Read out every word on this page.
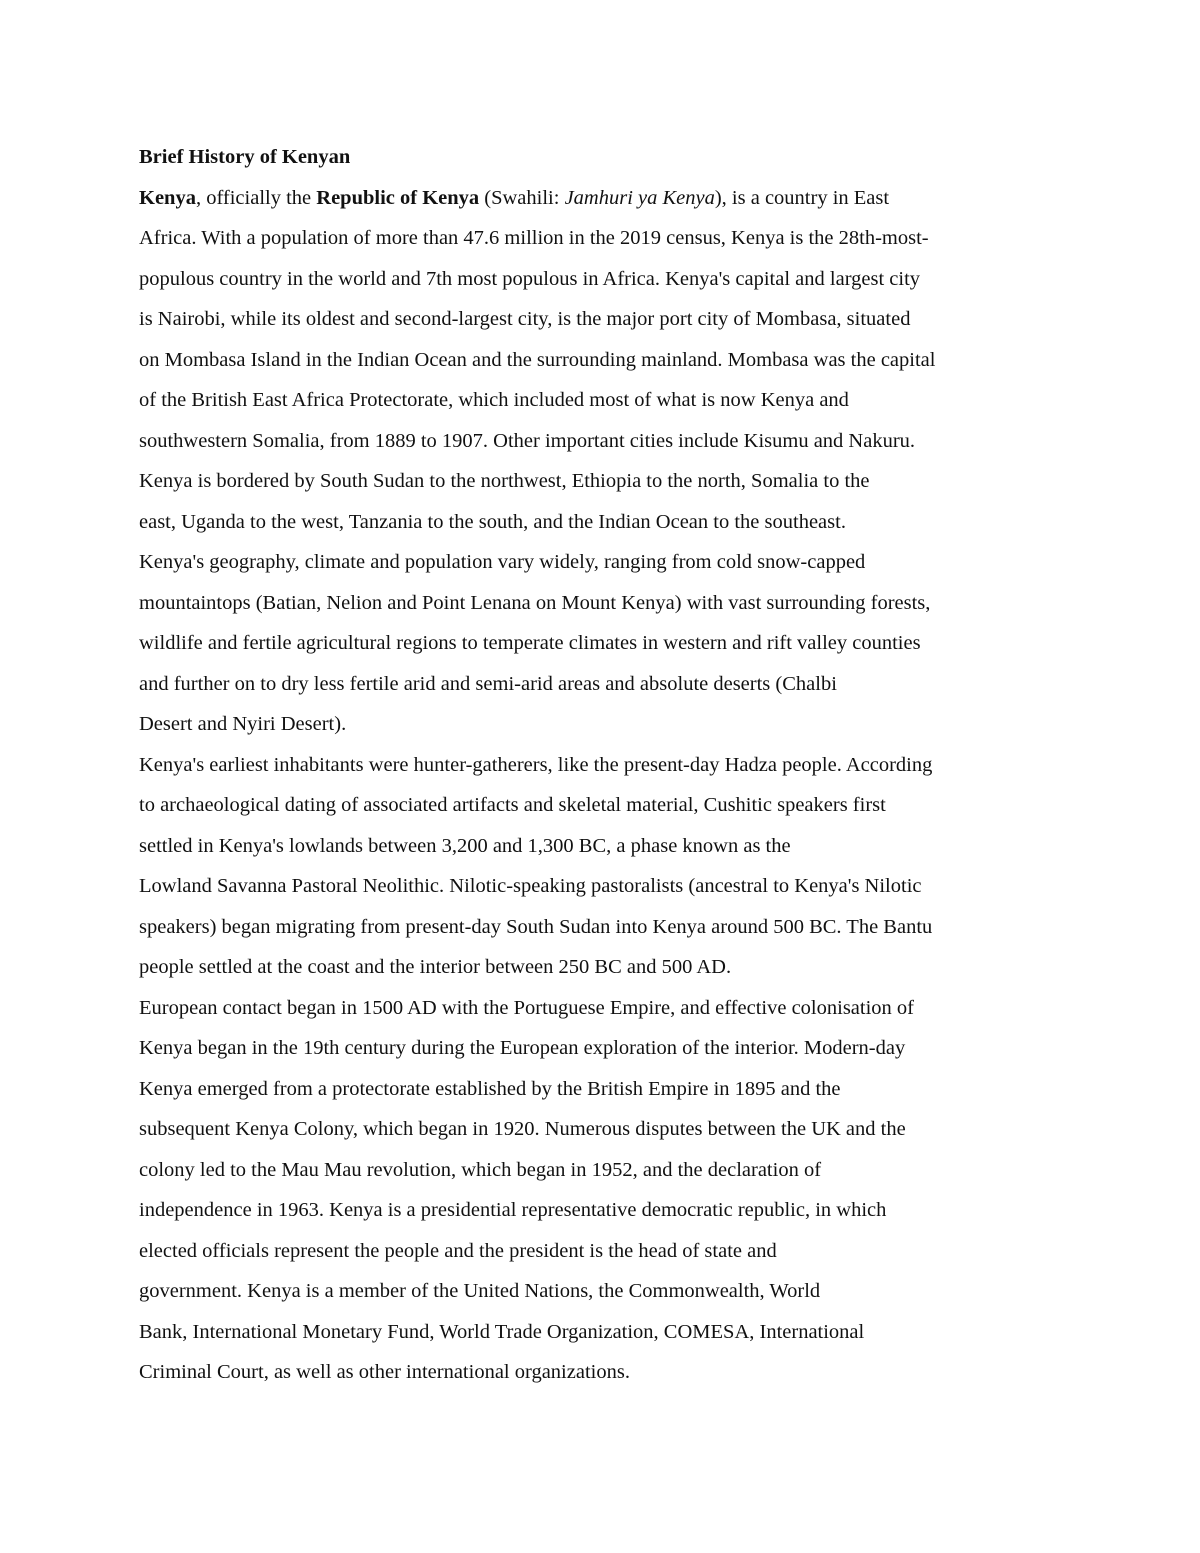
Brief History of Kenyan
Kenya, officially the Republic of Kenya (Swahili: Jamhuri ya Kenya), is a country in East
Africa. With a population of more than 47.6 million in the 2019 census, Kenya is the 28th-most-
populous country in the world and 7th most populous in Africa. Kenya's capital and largest city
is Nairobi, while its oldest and second-largest city, is the major port city of Mombasa, situated
on Mombasa Island in the Indian Ocean and the surrounding mainland. Mombasa was the capital
of the British East Africa Protectorate, which included most of what is now Kenya and
southwestern Somalia, from 1889 to 1907. Other important cities include Kisumu and Nakuru.
Kenya is bordered by South Sudan to the northwest, Ethiopia to the north, Somalia to the
east, Uganda to the west, Tanzania to the south, and the Indian Ocean to the southeast.
Kenya's geography, climate and population vary widely, ranging from cold snow-capped
mountaintops (Batian, Nelion and Point Lenana on Mount Kenya) with vast surrounding forests,
wildlife and fertile agricultural regions to temperate climates in western and rift valley counties
and further on to dry less fertile arid and semi-arid areas and absolute deserts (Chalbi
Desert and Nyiri Desert).
Kenya's earliest inhabitants were hunter-gatherers, like the present-day Hadza people. According
to archaeological dating of associated artifacts and skeletal material, Cushitic speakers first
settled in Kenya's lowlands between 3,200 and 1,300 BC, a phase known as the
Lowland Savanna Pastoral Neolithic. Nilotic-speaking pastoralists (ancestral to Kenya's Nilotic
speakers) began migrating from present-day South Sudan into Kenya around 500 BC. The Bantu
people settled at the coast and the interior between 250 BC and 500 AD.
European contact began in 1500 AD with the Portuguese Empire, and effective colonisation of
Kenya began in the 19th century during the European exploration of the interior. Modern-day
Kenya emerged from a protectorate established by the British Empire in 1895 and the
subsequent Kenya Colony, which began in 1920. Numerous disputes between the UK and the
colony led to the Mau Mau revolution, which began in 1952, and the declaration of
independence in 1963. Kenya is a presidential representative democratic republic, in which
elected officials represent the people and the president is the head of state and
government. Kenya is a member of the United Nations, the Commonwealth, World
Bank, International Monetary Fund, World Trade Organization, COMESA, International
Criminal Court, as well as other international organizations.
